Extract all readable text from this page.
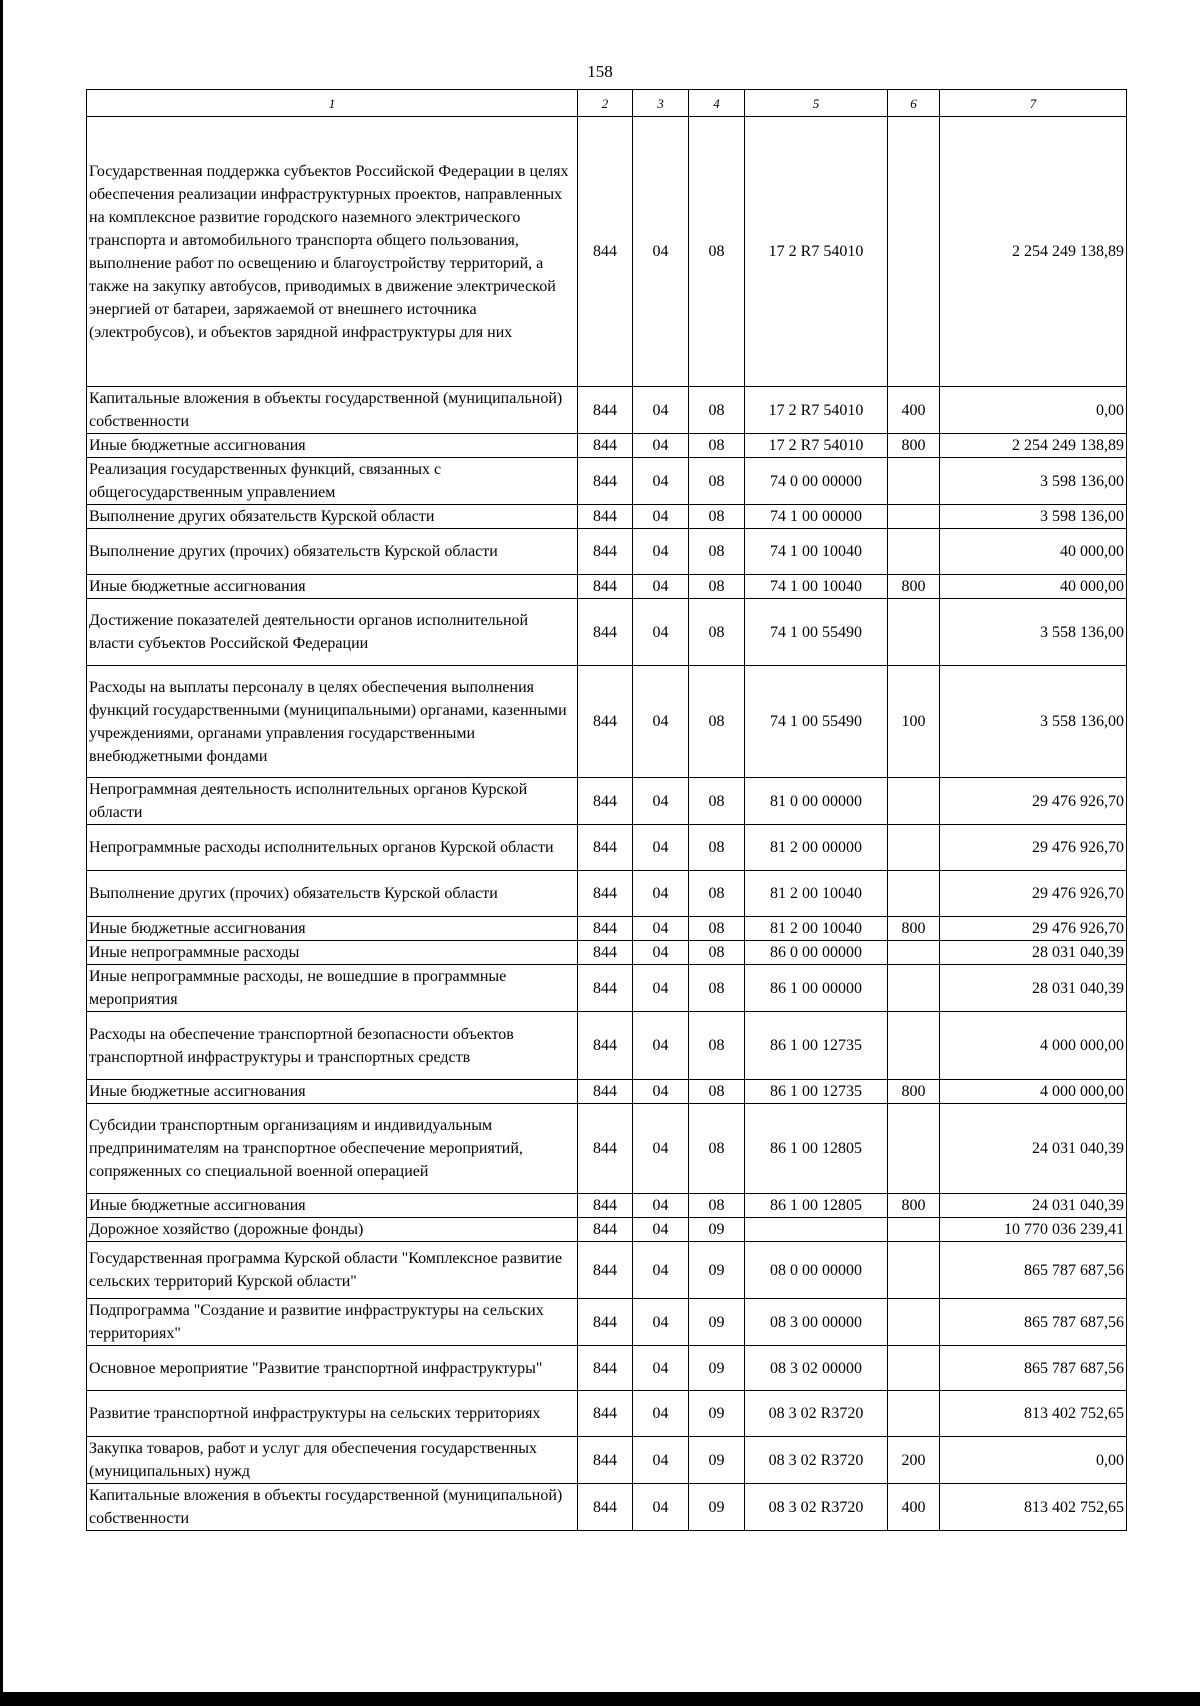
158
1	2	3	4	5	6	7
Государственная поддержка субъектов Российской Федерации в целях обеспечения реализации инфраструктурных проектов, направленных на комплексное развитие городского наземного электрического транспорта и автомобильного транспорта общего пользования, выполнение работ по освещению и благоустройству территорий, а также на закупку автобусов, приводимых в движение электрической энергией от батареи, заряжаемой от внешнего источника (электробусов), и объектов зарядной инфраструктуры для них	844	04	08	17 2 R7 54010		2 254 249 138,89
Капитальные вложения в объекты государственной (муниципальной) собственности	844	04	08	17 2 R7 54010	400	0,00
Иные бюджетные ассигнования	844	04	08	17 2 R7 54010	800	2 254 249 138,89
Реализация государственных функций, связанных с общегосударственным управлением	844	04	08	74 0 00 00000		3 598 136,00
Выполнение других обязательств Курской области	844	04	08	74 1 00 00000		3 598 136,00
Выполнение других (прочих) обязательств Курской области	844	04	08	74 1 00 10040		40 000,00
Иные бюджетные ассигнования	844	04	08	74 1 00 10040	800	40 000,00
Достижение показателей деятельности органов исполнительной власти субъектов Российской Федерации	844	04	08	74 1 00 55490		3 558 136,00
Расходы на выплаты персоналу в целях обеспечения выполнения функций государственными (муниципальными) органами, казенными учреждениями, органами управления государственными внебюджетными фондами	844	04	08	74 1 00 55490	100	3 558 136,00
Непрограммная деятельность исполнительных органов Курской области	844	04	08	81 0 00 00000		29 476 926,70
Непрограммные расходы исполнительных органов Курской области	844	04	08	81 2 00 00000		29 476 926,70
Выполнение других (прочих) обязательств Курской области	844	04	08	81 2 00 10040		29 476 926,70
Иные бюджетные ассигнования	844	04	08	81 2 00 10040	800	29 476 926,70
Иные непрограммные расходы	844	04	08	86 0 00 00000		28 031 040,39
Иные непрограммные расходы, не вошедшие в программные мероприятия	844	04	08	86 1 00 00000		28 031 040,39
Расходы на обеспечение транспортной безопасности объектов транспортной инфраструктуры и транспортных средств	844	04	08	86 1 00 12735		4 000 000,00
Иные бюджетные ассигнования	844	04	08	86 1 00 12735	800	4 000 000,00
Субсидии транспортным организациям и индивидуальным предпринимателям на транспортное обеспечение мероприятий, сопряженных со специальной военной операцией	844	04	08	86 1 00 12805		24 031 040,39
Иные бюджетные ассигнования	844	04	08	86 1 00 12805	800	24 031 040,39
Дорожное хозяйство (дорожные фонды)	844	04	09			10 770 036 239,41
Государственная программа Курской области "Комплексное развитие сельских территорий Курской области"	844	04	09	08 0 00 00000		865 787 687,56
Подпрограмма "Создание и развитие инфраструктуры на сельских территориях"	844	04	09	08 3 00 00000		865 787 687,56
Основное мероприятие "Развитие транспортной инфраструктуры"	844	04	09	08 3 02 00000		865 787 687,56
Развитие транспортной инфраструктуры на сельских территориях	844	04	09	08 3 02 R3720		813 402 752,65
Закупка товаров, работ и услуг для обеспечения государственных (муниципальных) нужд	844	04	09	08 3 02 R3720	200	0,00
Капитальные вложения в объекты государственной (муниципальной) собственности	844	04	09	08 3 02 R3720	400	813 402 752,65
